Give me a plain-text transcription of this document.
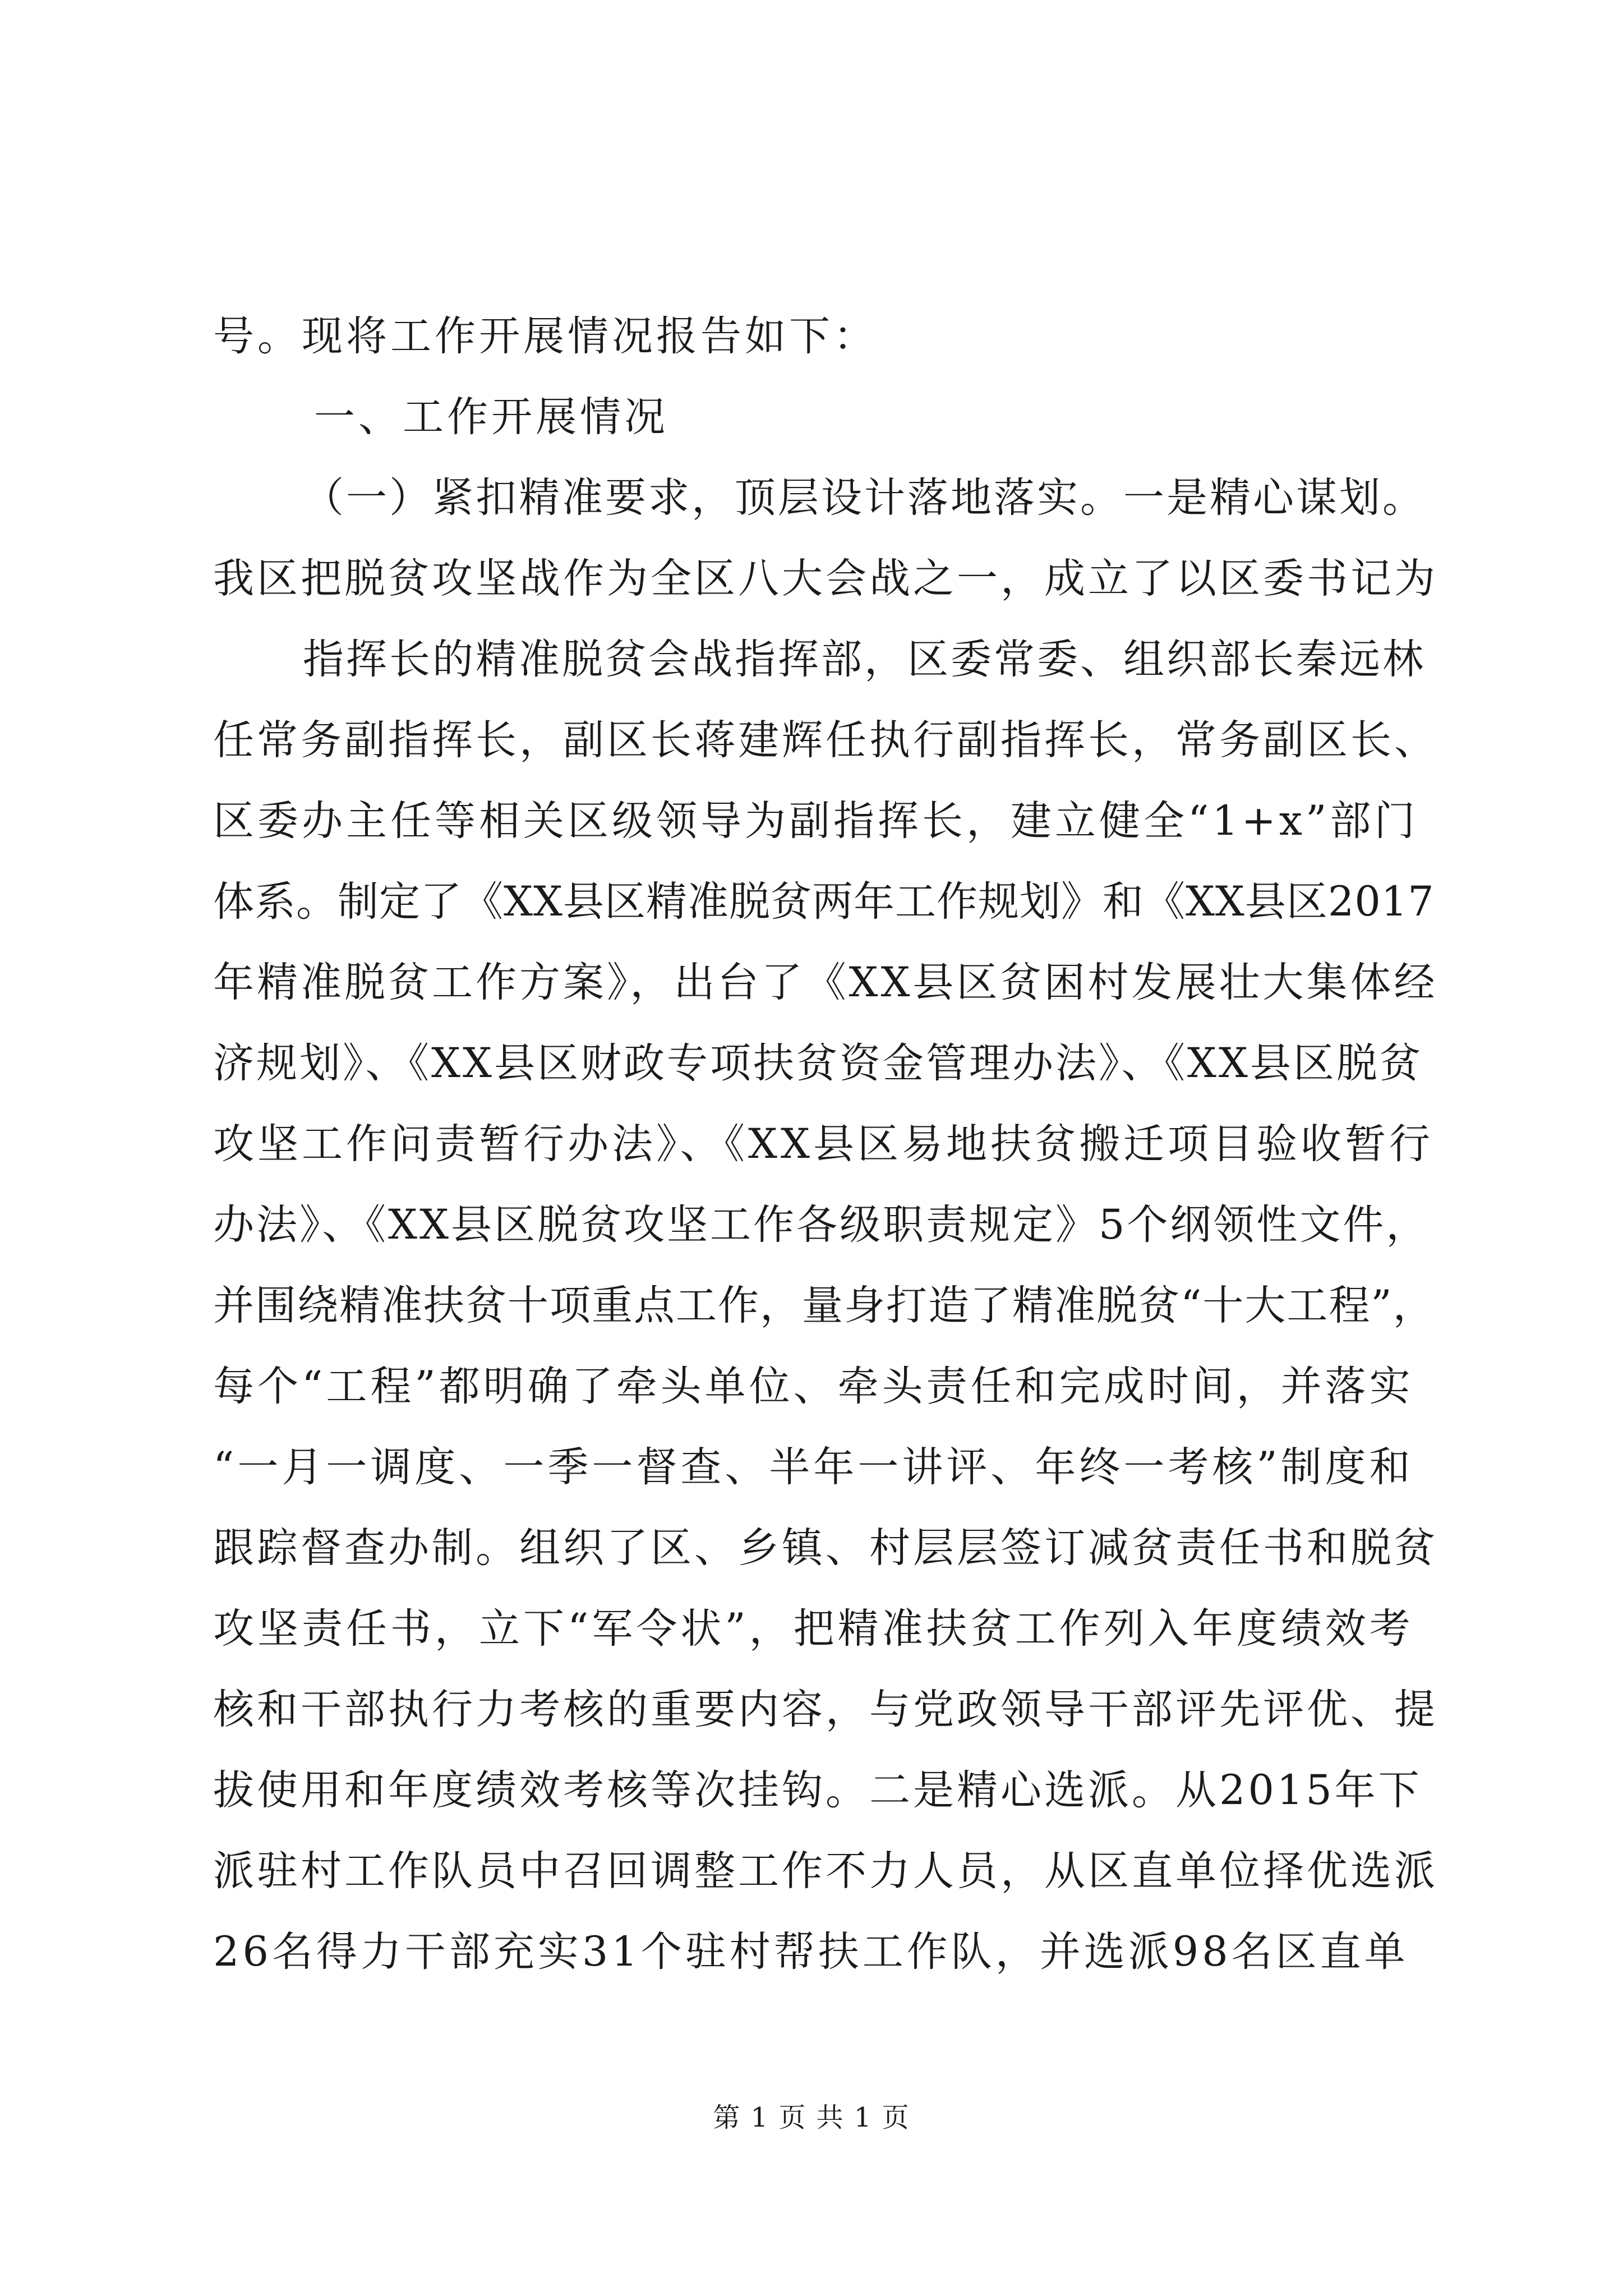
号。现将工作开展情况报告如下：
一、工作开展情况
（一）紧扣精准要求，顶层设计落地落实。一是精心谋划。
我区把脱贫攻坚战作为全区八大会战之一，成立了以区委书记为
指挥长的精准脱贫会战指挥部，区委常委、组织部长秦远林
任常务副指挥长，副区长蒋建辉任执行副指挥长，常务副区长、
区委办主任等相关区级领导为副指挥长，建立健全“1+x”部门
体系。制定了《XX县区精准脱贫两年工作规划》和《XX县区2017
年精准脱贫工作方案》，出台了《XX县区贫困村发展壮大集体经
济规划》、《XX县区财政专项扶贫资金管理办法》、《XX县区脱贫
攻坚工作问责暂行办法》、《XX县区易地扶贫搬迁项目验收暂行
办法》、《XX县区脱贫攻坚工作各级职责规定》5个纲领性文件，
并围绕精准扶贫十项重点工作，量身打造了精准脱贫“十大工程”，
每个“工程”都明确了牵头单位、牵头责任和完成时间，并落实
“一月一调度、一季一督查、半年一讲评、年终一考核”制度和
跟踪督查办制。组织了区、乡镇、村层层签订减贫责任书和脱贫
攻坚责任书，立下“军令状”，把精准扶贫工作列入年度绩效考
核和干部执行力考核的重要内容，与党政领导干部评先评优、提
拔使用和年度绩效考核等次挂钩。二是精心选派。从2015年下
派驻村工作队员中召回调整工作不力人员，从区直单位择优选派
26名得力干部充实31个驻村帮扶工作队，并选派98名区直单
第 1 页 共 1 页
